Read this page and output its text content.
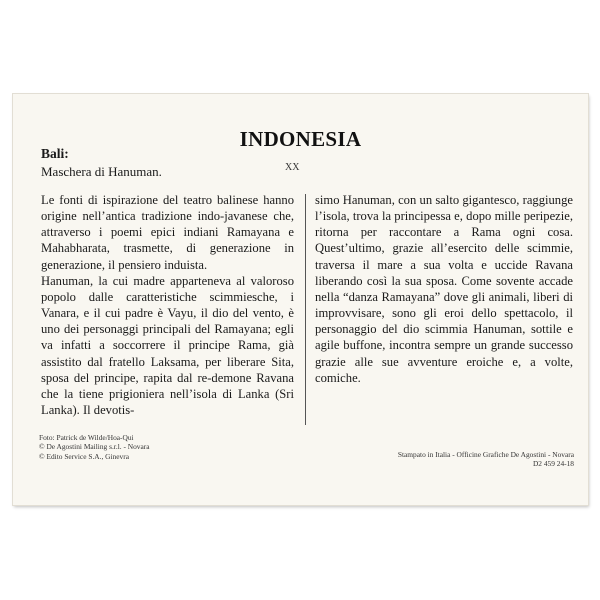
INDONESIA
Bali:
Maschera di Hanuman.	XX

Le fonti di ispirazione del teatro balinese hanno origine nell’antica tradizione indo-javanese che, attraverso i poemi epici indiani Ramayana e Mahabharata, trasmette, di generazione in generazione, il pensiero induista.

Hanuman, la cui madre apparteneva al valoroso popolo dalle caratteristiche scimmiesche, i Vanara, e il cui padre è Vayu, il dio del vento, è uno dei personaggi principali del Ramayana; egli va infatti a soccorrere il principe Rama, già assistito dal fratello Laksama, per liberare Sita, sposa del principe, rapita dal re-demone Ravana che la tiene prigioniera nell’isola di Lanka (Sri Lanka). Il devotis-

simo Hanuman, con un salto gigantesco, raggiunge l’isola, trova la principessa e, dopo mille peripezie, ritorna per raccontare a Rama ogni cosa. Quest’ultimo, grazie all’esercito delle scimmie, traversa il mare a sua volta e uccide Ravana liberando così la sua sposa. Come sovente accade nella “danza Ramayana” dove gli animali, liberi di improvvisare, sono gli eroi dello spettacolo, il personaggio del dio scimmia Hanuman, sottile e agile buffone, incontra sempre un grande successo grazie alle sue avventure eroiche e, a volte, comiche.

Foto: Patrick de Wilde/Hoa-Qui
© De Agostini Mailing s.r.l. - Novara
© Edito Service S.A., Ginevra	Stampato in Italia - Officine Grafiche De Agostini - Novara
D2 459 24-18
